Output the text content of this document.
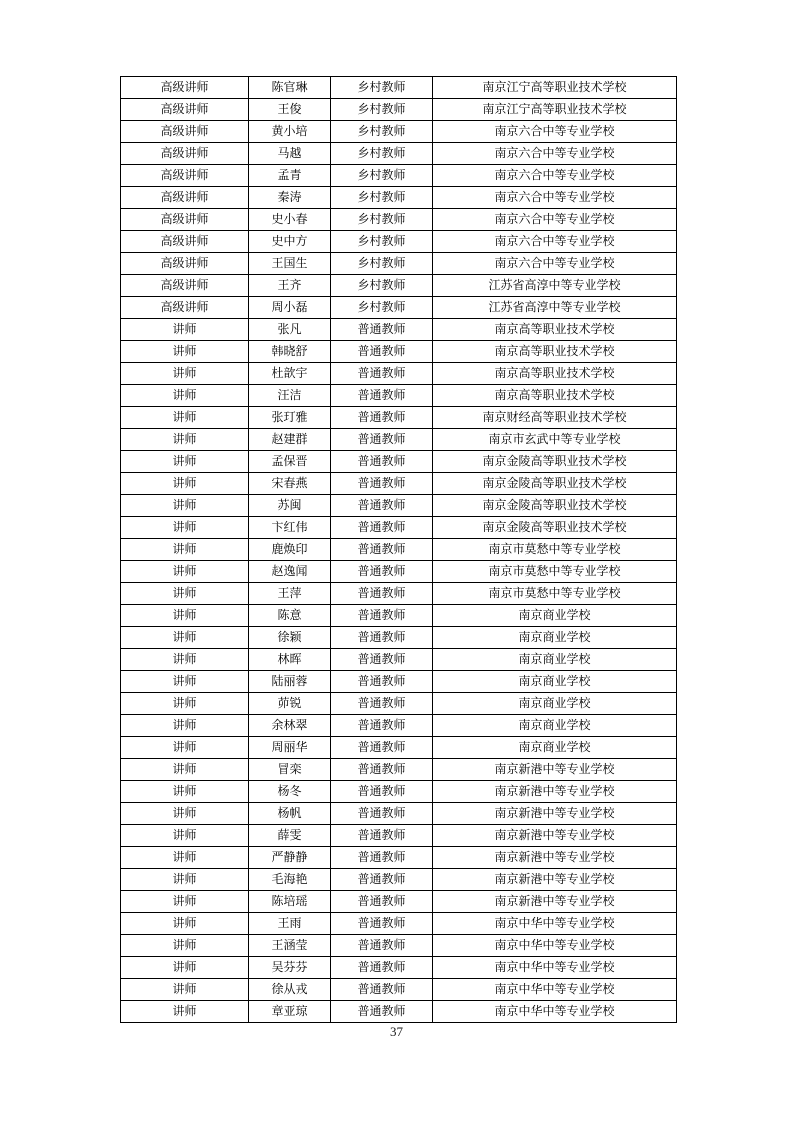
高级讲师	陈官琳	乡村教师	南京江宁高等职业技术学校
高级讲师	王俊	乡村教师	南京江宁高等职业技术学校
高级讲师	黄小培	乡村教师	南京六合中等专业学校
高级讲师	马越	乡村教师	南京六合中等专业学校
高级讲师	孟青	乡村教师	南京六合中等专业学校
高级讲师	秦涛	乡村教师	南京六合中等专业学校
高级讲师	史小春	乡村教师	南京六合中等专业学校
高级讲师	史中方	乡村教师	南京六合中等专业学校
高级讲师	王国生	乡村教师	南京六合中等专业学校
高级讲师	王齐	乡村教师	江苏省高淳中等专业学校
高级讲师	周小磊	乡村教师	江苏省高淳中等专业学校
讲师	张凡	普通教师	南京高等职业技术学校
讲师	韩晓舒	普通教师	南京高等职业技术学校
讲师	杜歆宇	普通教师	南京高等职业技术学校
讲师	汪洁	普通教师	南京高等职业技术学校
讲师	张玎雅	普通教师	南京财经高等职业技术学校
讲师	赵建群	普通教师	南京市玄武中等专业学校
讲师	孟保晋	普通教师	南京金陵高等职业技术学校
讲师	宋春燕	普通教师	南京金陵高等职业技术学校
讲师	苏闽	普通教师	南京金陵高等职业技术学校
讲师	卞红伟	普通教师	南京金陵高等职业技术学校
讲师	鹿焕印	普通教师	南京市莫愁中等专业学校
讲师	赵逸闻	普通教师	南京市莫愁中等专业学校
讲师	王萍	普通教师	南京市莫愁中等专业学校
讲师	陈意	普通教师	南京商业学校
讲师	徐颖	普通教师	南京商业学校
讲师	林晖	普通教师	南京商业学校
讲师	陆丽蓉	普通教师	南京商业学校
讲师	茆锐	普通教师	南京商业学校
讲师	余林翠	普通教师	南京商业学校
讲师	周丽华	普通教师	南京商业学校
讲师	冒栾	普通教师	南京新港中等专业学校
讲师	杨冬	普通教师	南京新港中等专业学校
讲师	杨帆	普通教师	南京新港中等专业学校
讲师	薛雯	普通教师	南京新港中等专业学校
讲师	严静静	普通教师	南京新港中等专业学校
讲师	毛海艳	普通教师	南京新港中等专业学校
讲师	陈培瑶	普通教师	南京新港中等专业学校
讲师	王雨	普通教师	南京中华中等专业学校
讲师	王涵莹	普通教师	南京中华中等专业学校
讲师	吴芬芬	普通教师	南京中华中等专业学校
讲师	徐从戎	普通教师	南京中华中等专业学校
讲师	章亚琼	普通教师	南京中华中等专业学校
37
